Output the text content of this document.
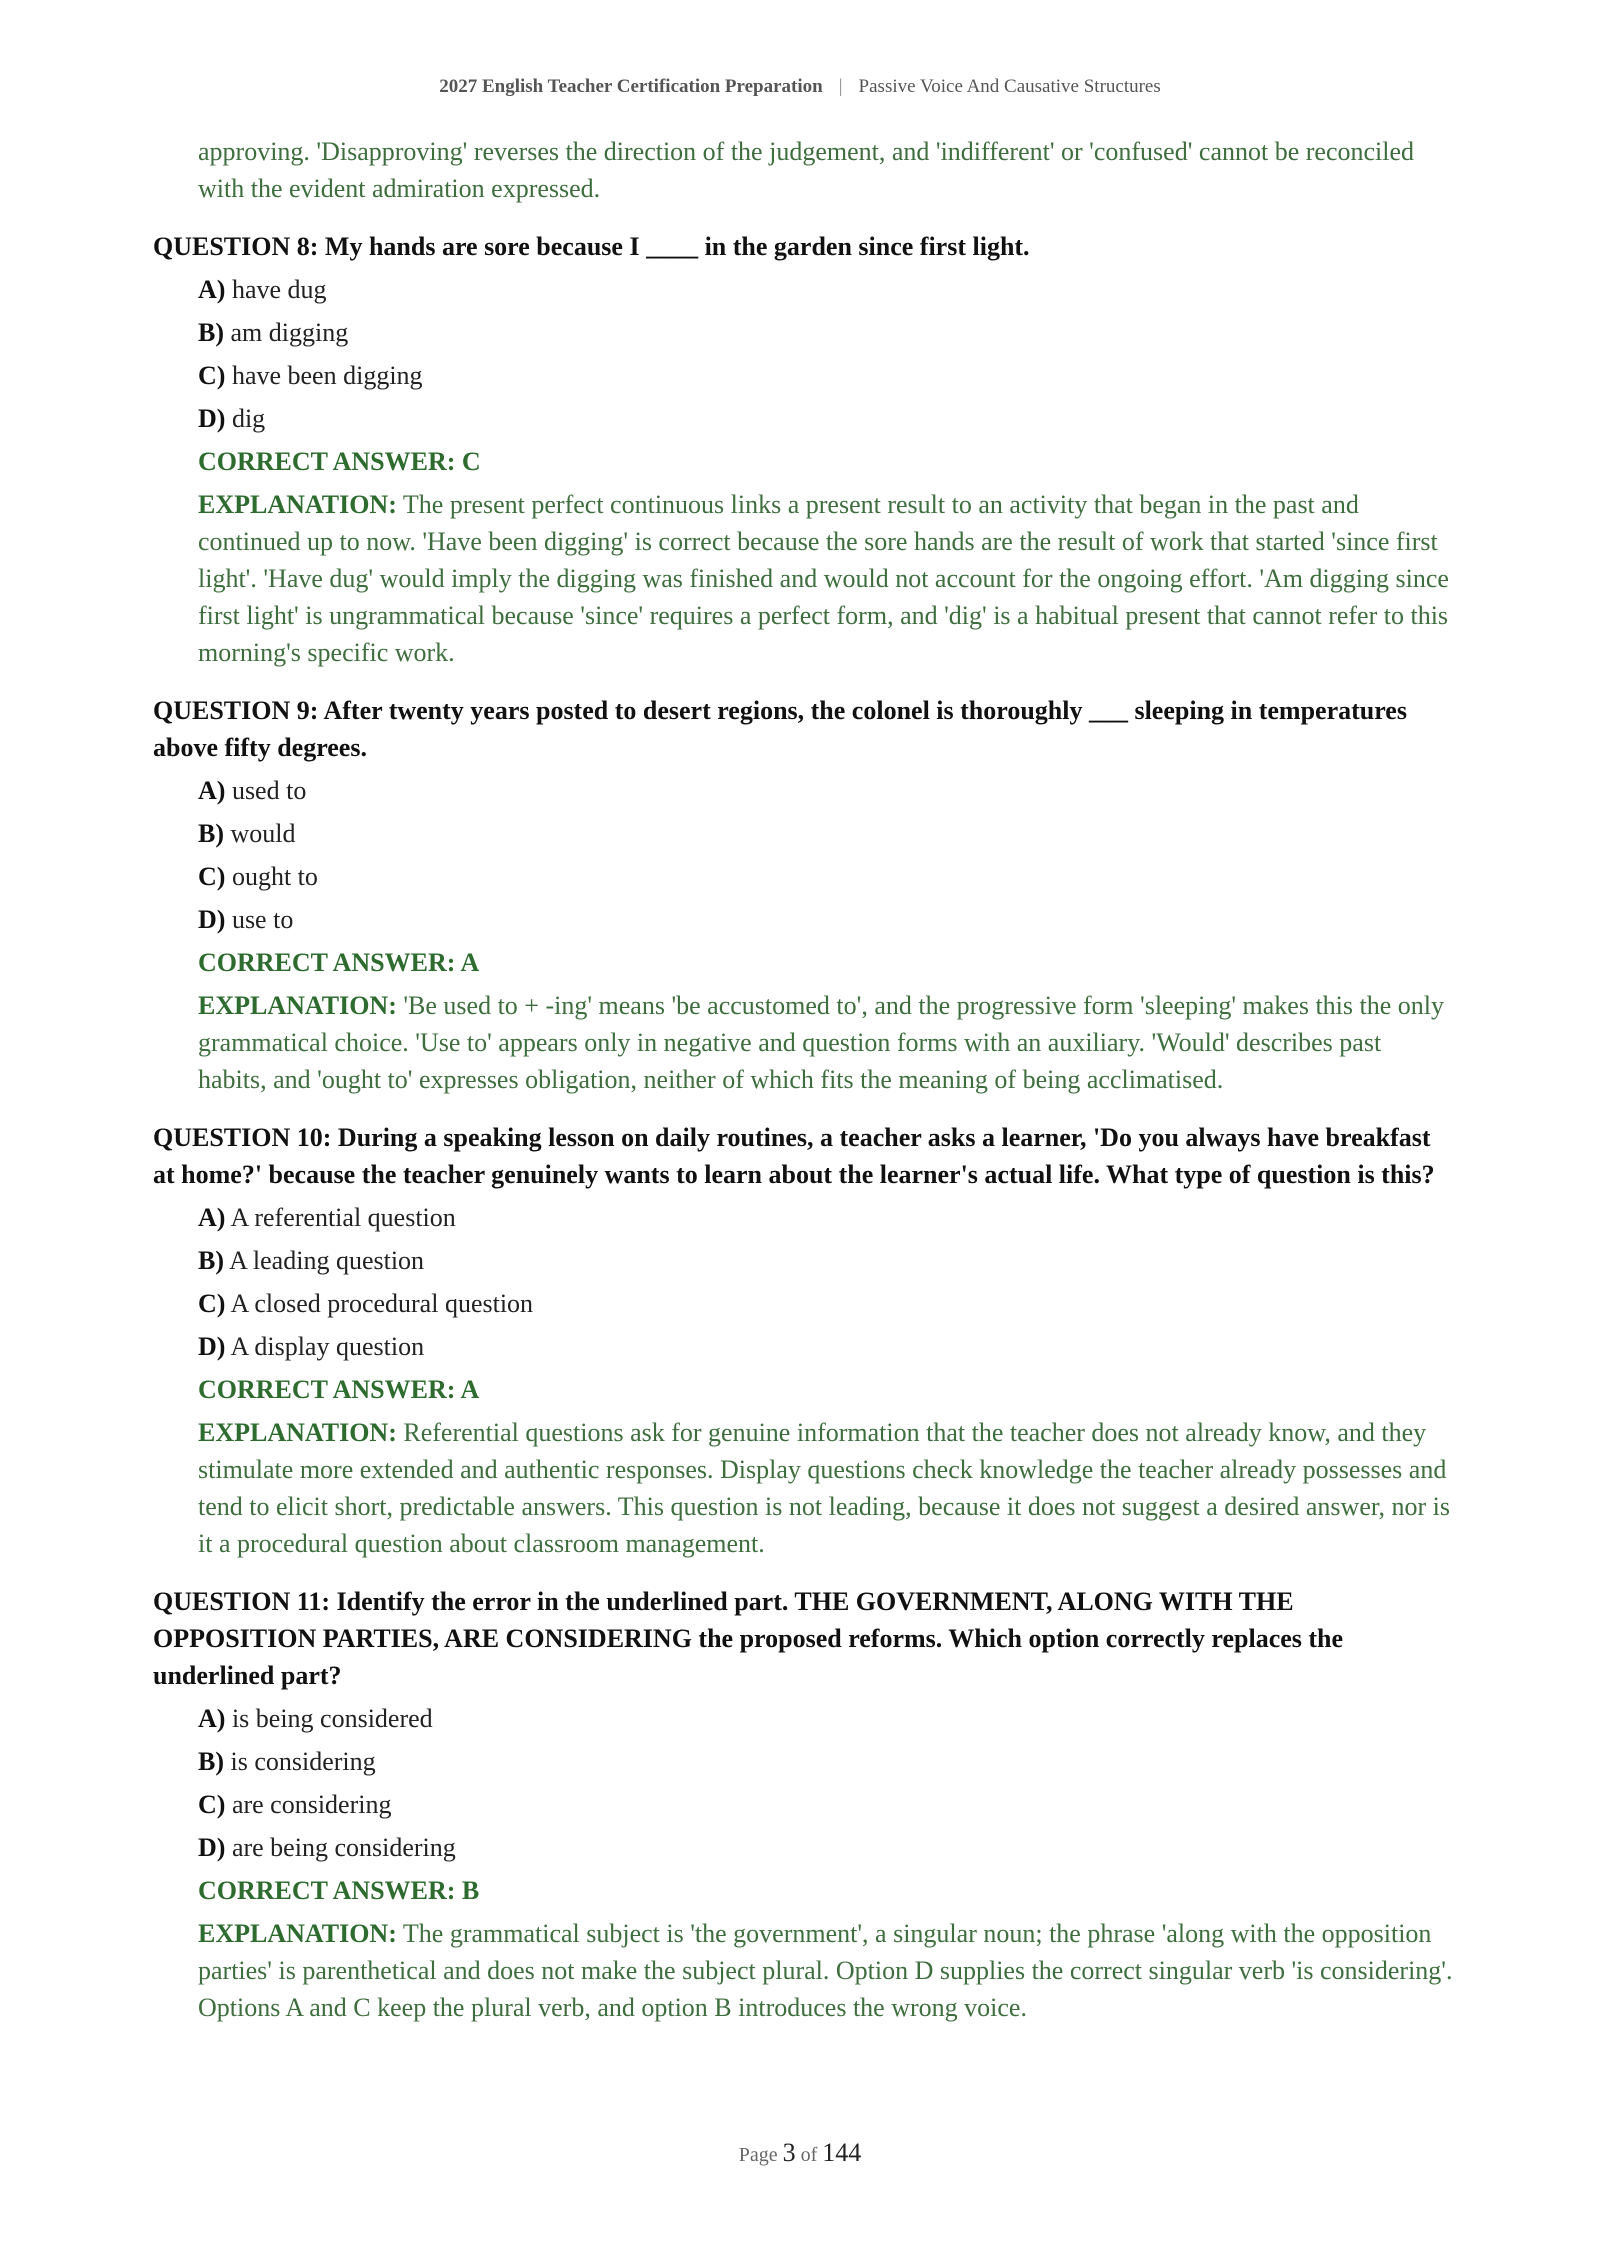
2027 English Teacher Certification Preparation | Passive Voice And Causative Structures

approving. 'Disapproving' reverses the direction of the judgement, and 'indifferent' or 'confused' cannot be reconciled with the evident admiration expressed.

QUESTION 8: My hands are sore because I ____ in the garden since first light.
A) have dug
B) am digging
C) have been digging
D) dig
CORRECT ANSWER: C

EXPLANATION: The present perfect continuous links a present result to an activity that began in the past and continued up to now. 'Have been digging' is correct because the sore hands are the result of work that started 'since first light'. 'Have dug' would imply the digging was finished and would not account for the ongoing effort. 'Am digging since first light' is ungrammatical because 'since' requires a perfect form, and 'dig' is a habitual present that cannot refer to this morning's specific work.

QUESTION 9: After twenty years posted to desert regions, the colonel is thoroughly ___ sleeping in temperatures above fifty degrees.
A) used to
B) would
C) ought to
D) use to
CORRECT ANSWER: A

EXPLANATION: 'Be used to + -ing' means 'be accustomed to', and the progressive form 'sleeping' makes this the only grammatical choice. 'Use to' appears only in negative and question forms with an auxiliary. 'Would' describes past habits, and 'ought to' expresses obligation, neither of which fits the meaning of being acclimatised.

QUESTION 10: During a speaking lesson on daily routines, a teacher asks a learner, 'Do you always have breakfast at home?' because the teacher genuinely wants to learn about the learner's actual life. What type of question is this?
A) A referential question
B) A leading question
C) A closed procedural question
D) A display question
CORRECT ANSWER: A

EXPLANATION: Referential questions ask for genuine information that the teacher does not already know, and they stimulate more extended and authentic responses. Display questions check knowledge the teacher already possesses and tend to elicit short, predictable answers. This question is not leading, because it does not suggest a desired answer, nor is it a procedural question about classroom management.

QUESTION 11: Identify the error in the underlined part. THE GOVERNMENT, ALONG WITH THE OPPOSITION PARTIES, ARE CONSIDERING the proposed reforms. Which option correctly replaces the underlined part?
A) is being considered
B) is considering
C) are considering
D) are being considering
CORRECT ANSWER: B

EXPLANATION: The grammatical subject is 'the government', a singular noun; the phrase 'along with the opposition parties' is parenthetical and does not make the subject plural. Option D supplies the correct singular verb 'is considering'. Options A and C keep the plural verb, and option B introduces the wrong voice.

Page 3 of 144
